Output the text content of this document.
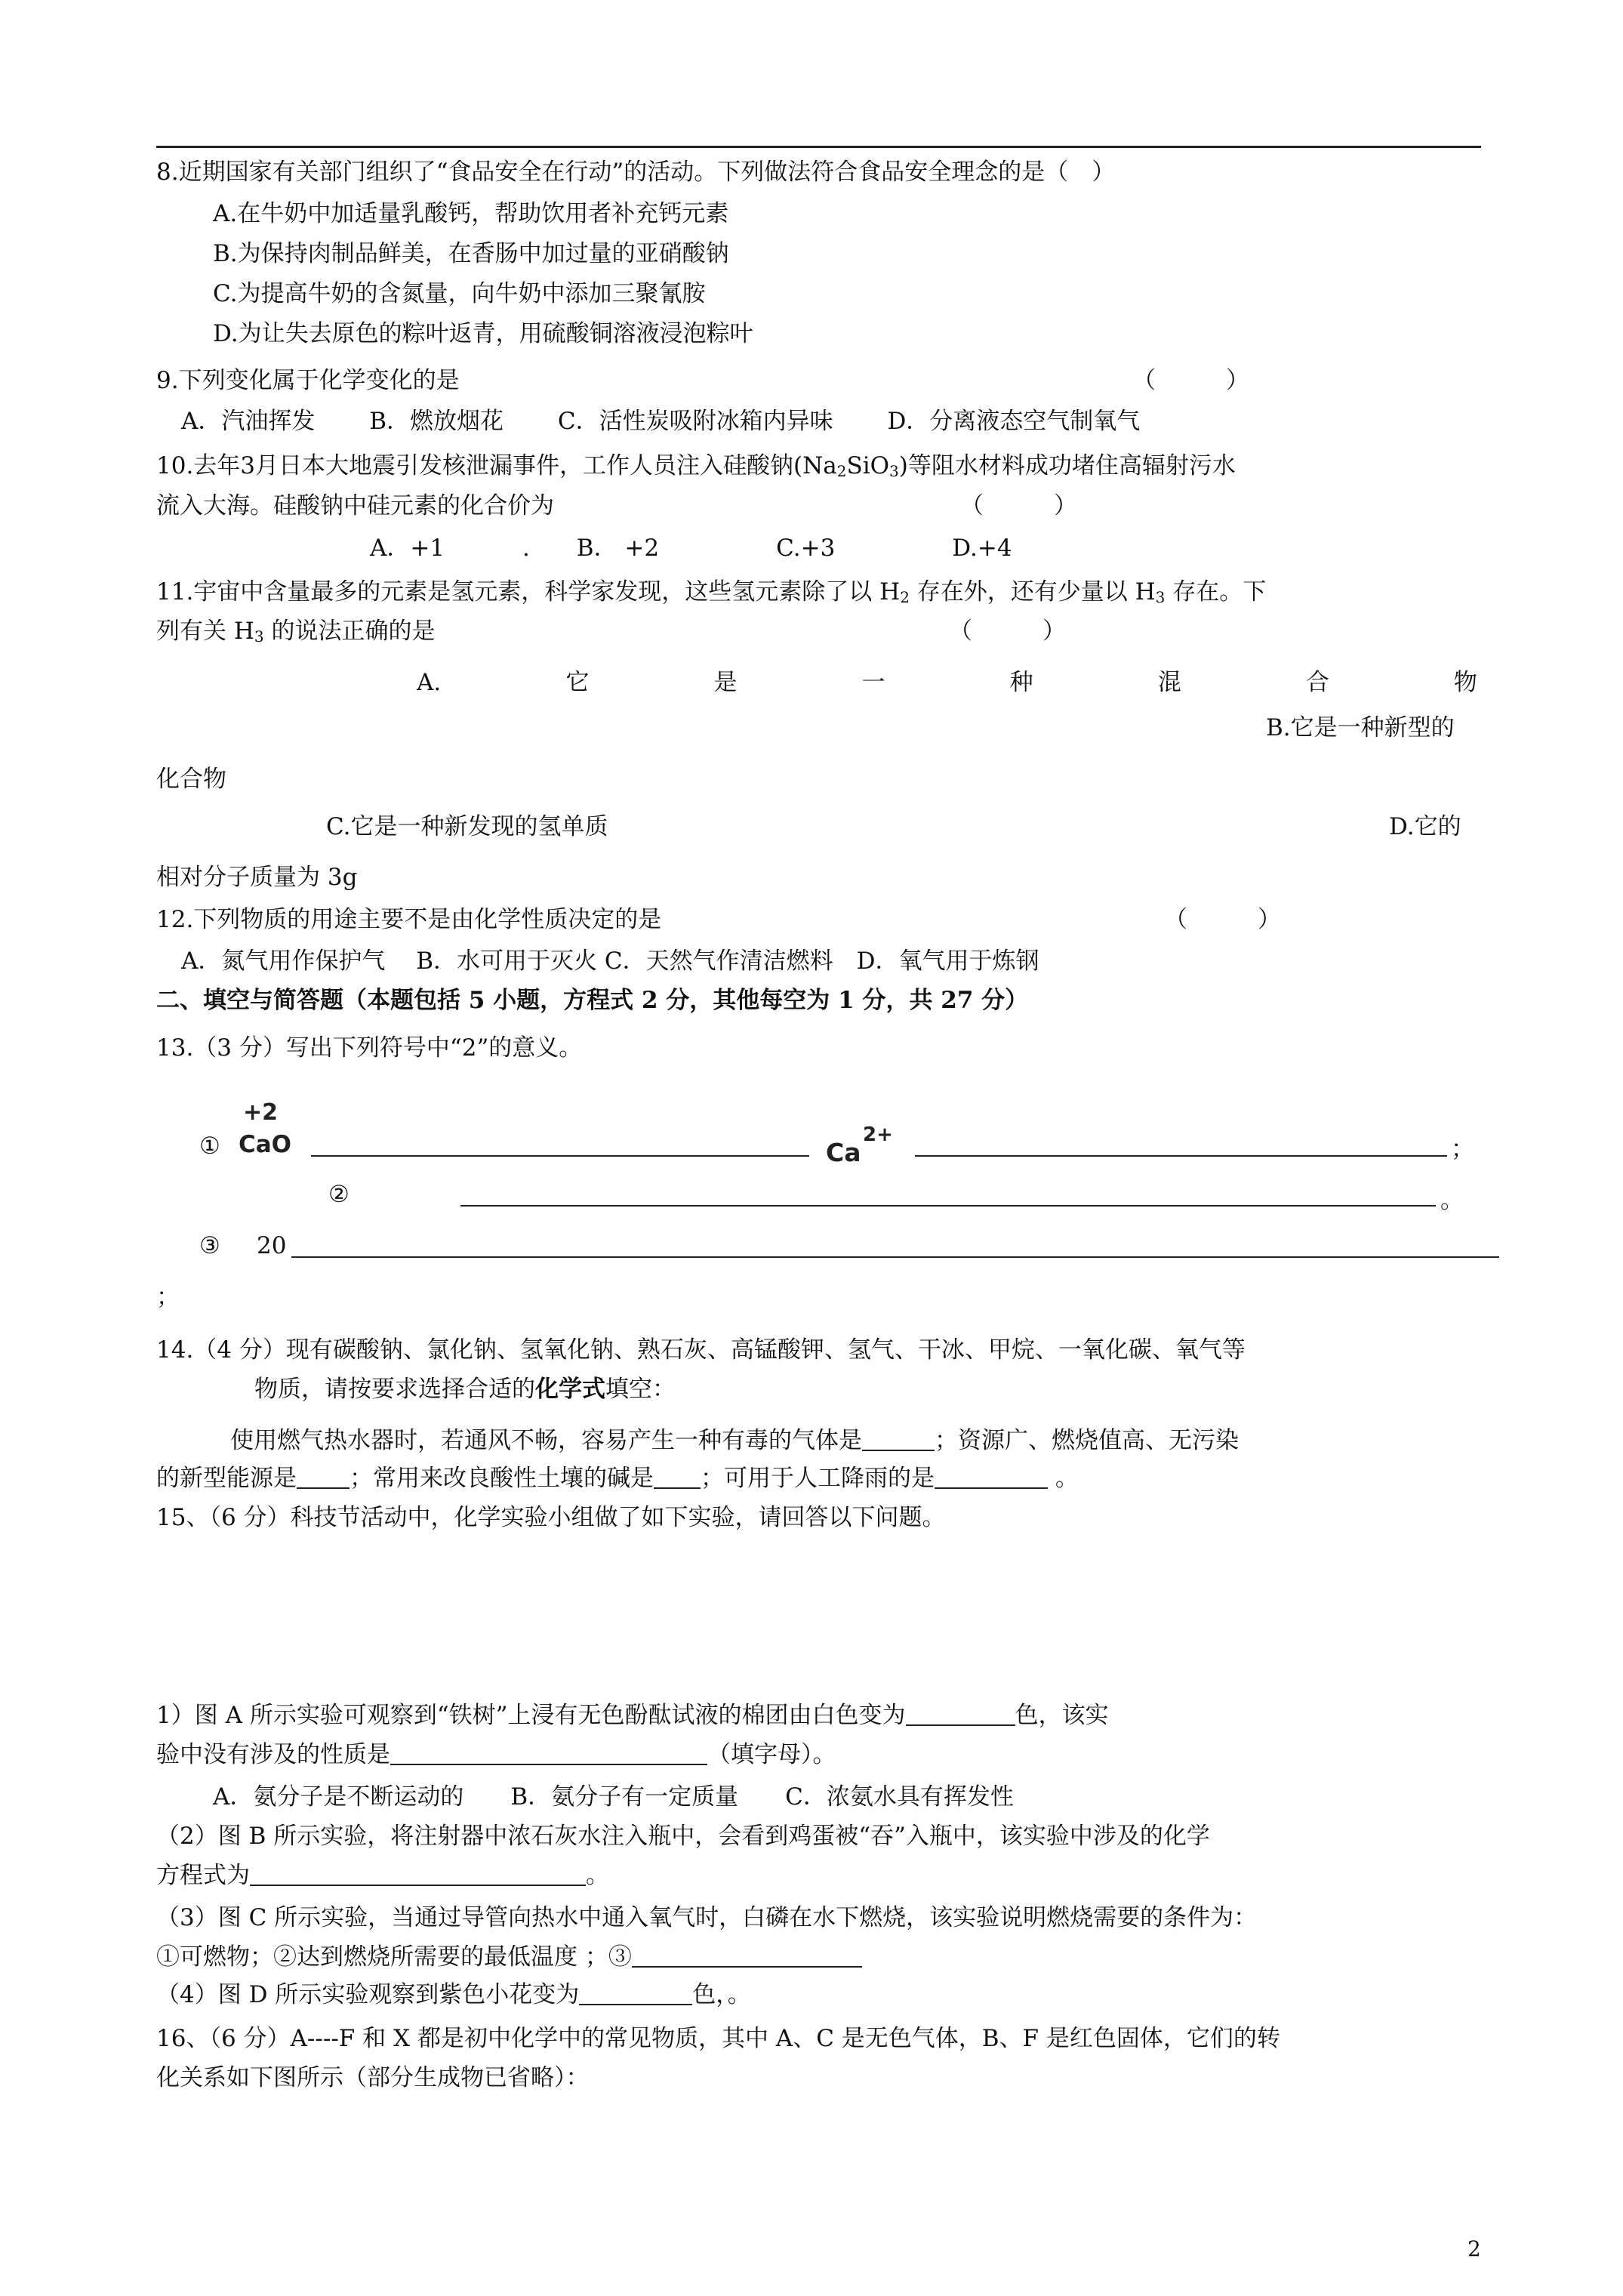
8.近期国家有关部门组织了“食品安全在行动”的活动。下列做法符合食品安全理念的是（　）
A.在牛奶中加适量乳酸钙，帮助饮用者补充钙元素
B.为保持肉制品鲜美，在香肠中加过量的亚硝酸钠
C.为提高牛奶的含氮量，向牛奶中添加三聚氰胺
D.为让失去原色的粽叶返青，用硫酸铜溶液浸泡粽叶
9.下列变化属于化学变化的是	（　　　）
A．汽油挥发　　 B．燃放烟花　　 C．活性炭吸附冰箱内异味　　 D．分离液态空气制氧气
10.去年3月日本大地震引发核泄漏事件，工作人员注入硅酸钠$(Na_2SiO_3)$等阻水材料成功堵住高辐射污水
流入大海。硅酸钠中硅元素的化合价为	（　　　）
A．+1　　　 .　　B． +2　　　　　C.+3　　　　　D.+4
11.宇宙中含量最多的元素是氢元素，科学家发现，这些氢元素除了以 $H_2$ 存在外，还有少量以 $H_3$ 存在。下
列有关 $H_3$ 的说法正确的是	（　　　）
A.	它	是	一	种	混	合	物
B.它是一种新型的
化合物
C.它是一种新发现的氢单质	D.它的
相对分子质量为 3g
12.下列物质的用途主要不是由化学性质决定的是	（　　　）
A．氮气用作保护气　 B．水可用于灭火 C．天然气作清洁燃料　D．氧气用于炼钢
二、填空与简答题（本题包括 5 小题，方程式 2 分，其他每空为 1 分，共 27 分）
13.（3 分）写出下列符号中“2”的意义。
①
+2
CaO	Ca
2+
；
②	。
③ 20
；
14.（4 分）现有碳酸钠、氯化钠、氢氧化钠、熟石灰、高锰酸钾、氢气、干冰、甲烷、一氧化碳、氧气等
物质，请按要求选择合适的化学式填空：
使用燃气热水器时，若通风不畅，容易产生一种有毒的气体是	；资源广、燃烧值高、无污染
的新型能源是 ；常用来改良酸性土壤的碱是 ；可用于人工降雨的是	。
15、（6 分）科技节活动中，化学实验小组做了如下实验，请回答以下问题。
1）图 A 所示实验可观察到“铁树”上浸有无色酚酞试液的棉团由白色变为	色，该实
验中没有涉及的性质是	（填字母）。
A．氨分子是不断运动的　　B．氨分子有一定质量　　C．浓氨水具有挥发性
（2）图 B 所示实验，将注射器中浓石灰水注入瓶中，会看到鸡蛋被“吞”入瓶中，该实验中涉及的化学
方程式为	。
（3）图 C 所示实验，当通过导管向热水中通入氧气时，白磷在水下燃烧，该实验说明燃烧需要的条件为：
①可燃物；②达到燃烧所需要的最低温度 ；③
（4）图 D 所示实验观察到紫色小花变为	色，。
16、（6 分）A----F 和 X 都是初中化学中的常见物质，其中 A、C 是无色气体，B、F 是红色固体，它们的转
化关系如下图所示（部分生成物已省略）：
2
